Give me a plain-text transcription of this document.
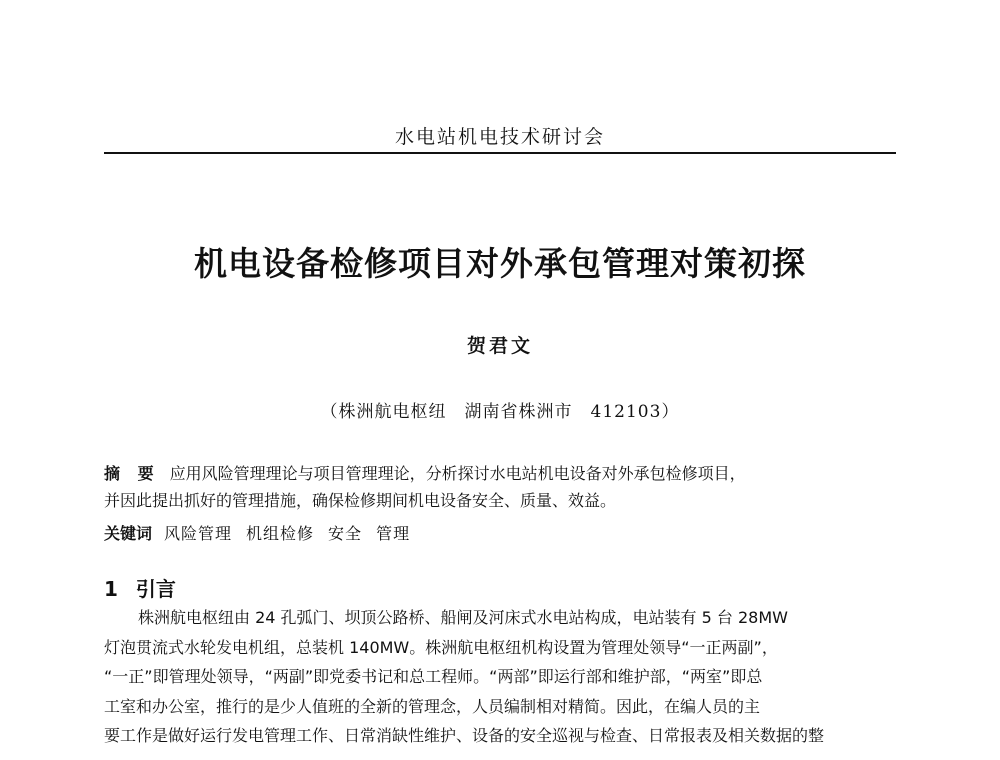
水电站机电技术研讨会
机电设备检修项目对外承包管理对策初探
贺君文
（株洲航电枢纽　湖南省株洲市　412103）
摘 要 应用风险管理理论与项目管理理论，分析探讨水电站机电设备对外承包检修项目，
并因此提出抓好的管理措施，确保检修期间机电设备安全、质量、效益。
关键词 风险管理 机组检修 安全 管理
1 引言
株洲航电枢纽由 24 孔弧门、坝顶公路桥、船闸及河床式水电站构成，电站装有 5 台 28MW
灯泡贯流式水轮发电机组，总装机 140MW。株洲航电枢纽机构设置为管理处领导“一正两副”，
“一正”即管理处领导，“两副”即党委书记和总工程师。“两部”即运行部和维护部，“两室”即总
工室和办公室，推行的是少人值班的全新的管理念，人员编制相对精简。因此，在编人员的主
要工作是做好运行发电管理工作、日常消缺性维护、设备的安全巡视与检查、日常报表及相关数据的整
